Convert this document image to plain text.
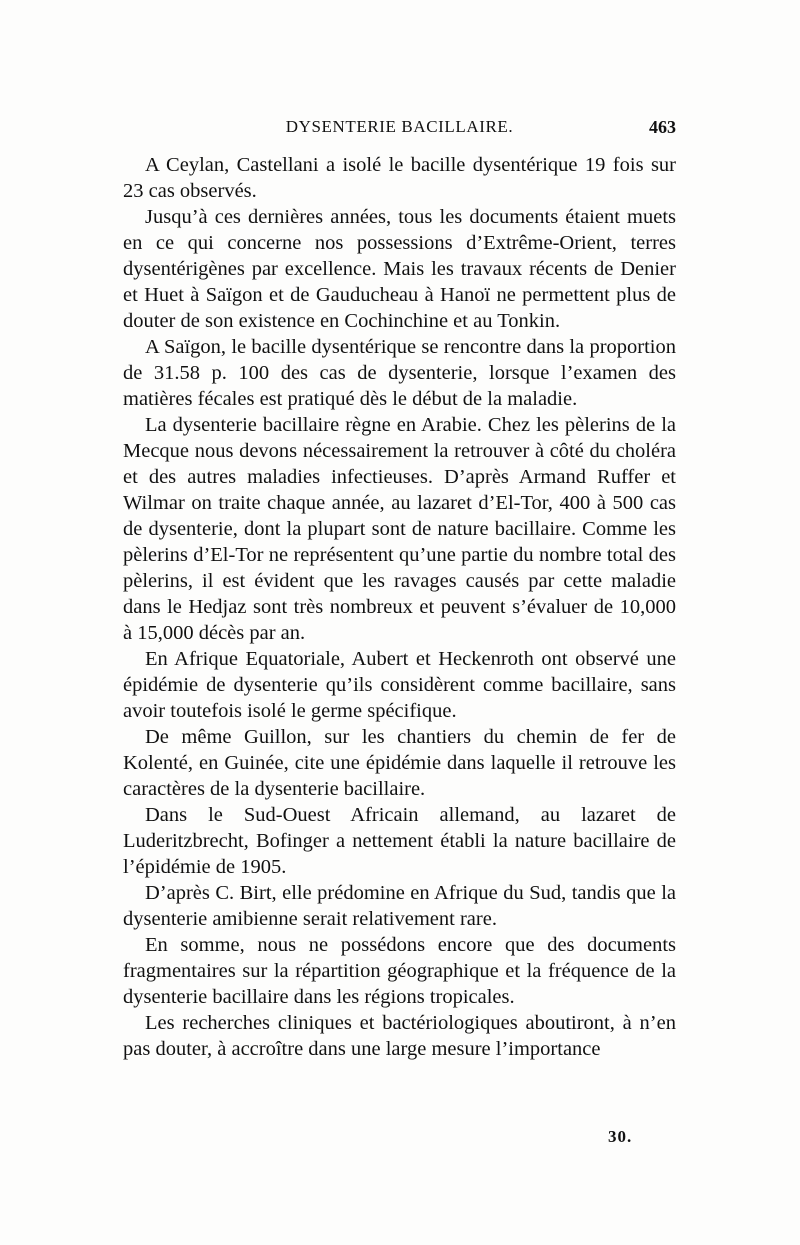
DYSENTERIE BACILLAIRE.	463

A Ceylan, Castellani a isolé le bacille dysentérique 19 fois sur 23 cas observés.

Jusqu’à ces dernières années, tous les documents étaient muets en ce qui concerne nos possessions d’Extrême-Orient, terres dysentérigènes par excellence. Mais les travaux récents de Denier et Huet à Saïgon et de Gauducheau à Hanoï ne permettent plus de douter de son existence en Cochinchine et au Tonkin.

A Saïgon, le bacille dysentérique se rencontre dans la proportion de 31.58 p. 100 des cas de dysenterie, lorsque l’examen des matières fécales est pratiqué dès le début de la maladie.

La dysenterie bacillaire règne en Arabie. Chez les pèlerins de la Mecque nous devons nécessairement la retrouver à côté du choléra et des autres maladies infectieuses. D’après Armand Ruffer et Wilmar on traite chaque année, au lazaret d’El-Tor, 400 à 500 cas de dysenterie, dont la plupart sont de nature bacillaire. Comme les pèlerins d’El-Tor ne représentent qu’une partie du nombre total des pèlerins, il est évident que les ravages causés par cette maladie dans le Hedjaz sont très nombreux et peuvent s’évaluer de 10,000 à 15,000 décès par an.

En Afrique Equatoriale, Aubert et Heckenroth ont observé une épidémie de dysenterie qu’ils considèrent comme bacillaire, sans avoir toutefois isolé le germe spécifique.

De même Guillon, sur les chantiers du chemin de fer de Kolenté, en Guinée, cite une épidémie dans laquelle il retrouve les caractères de la dysenterie bacillaire.

Dans le Sud-Ouest Africain allemand, au lazaret de Luderitzbrecht, Bofinger a nettement établi la nature bacillaire de l’épidémie de 1905.

D’après C. Birt, elle prédomine en Afrique du Sud, tandis que la dysenterie amibienne serait relativement rare.

En somme, nous ne possédons encore que des documents fragmentaires sur la répartition géographique et la fréquence de la dysenterie bacillaire dans les régions tropicales.

Les recherches cliniques et bactériologiques aboutiront, à n’en pas douter, à accroître dans une large mesure l’importance

30.
